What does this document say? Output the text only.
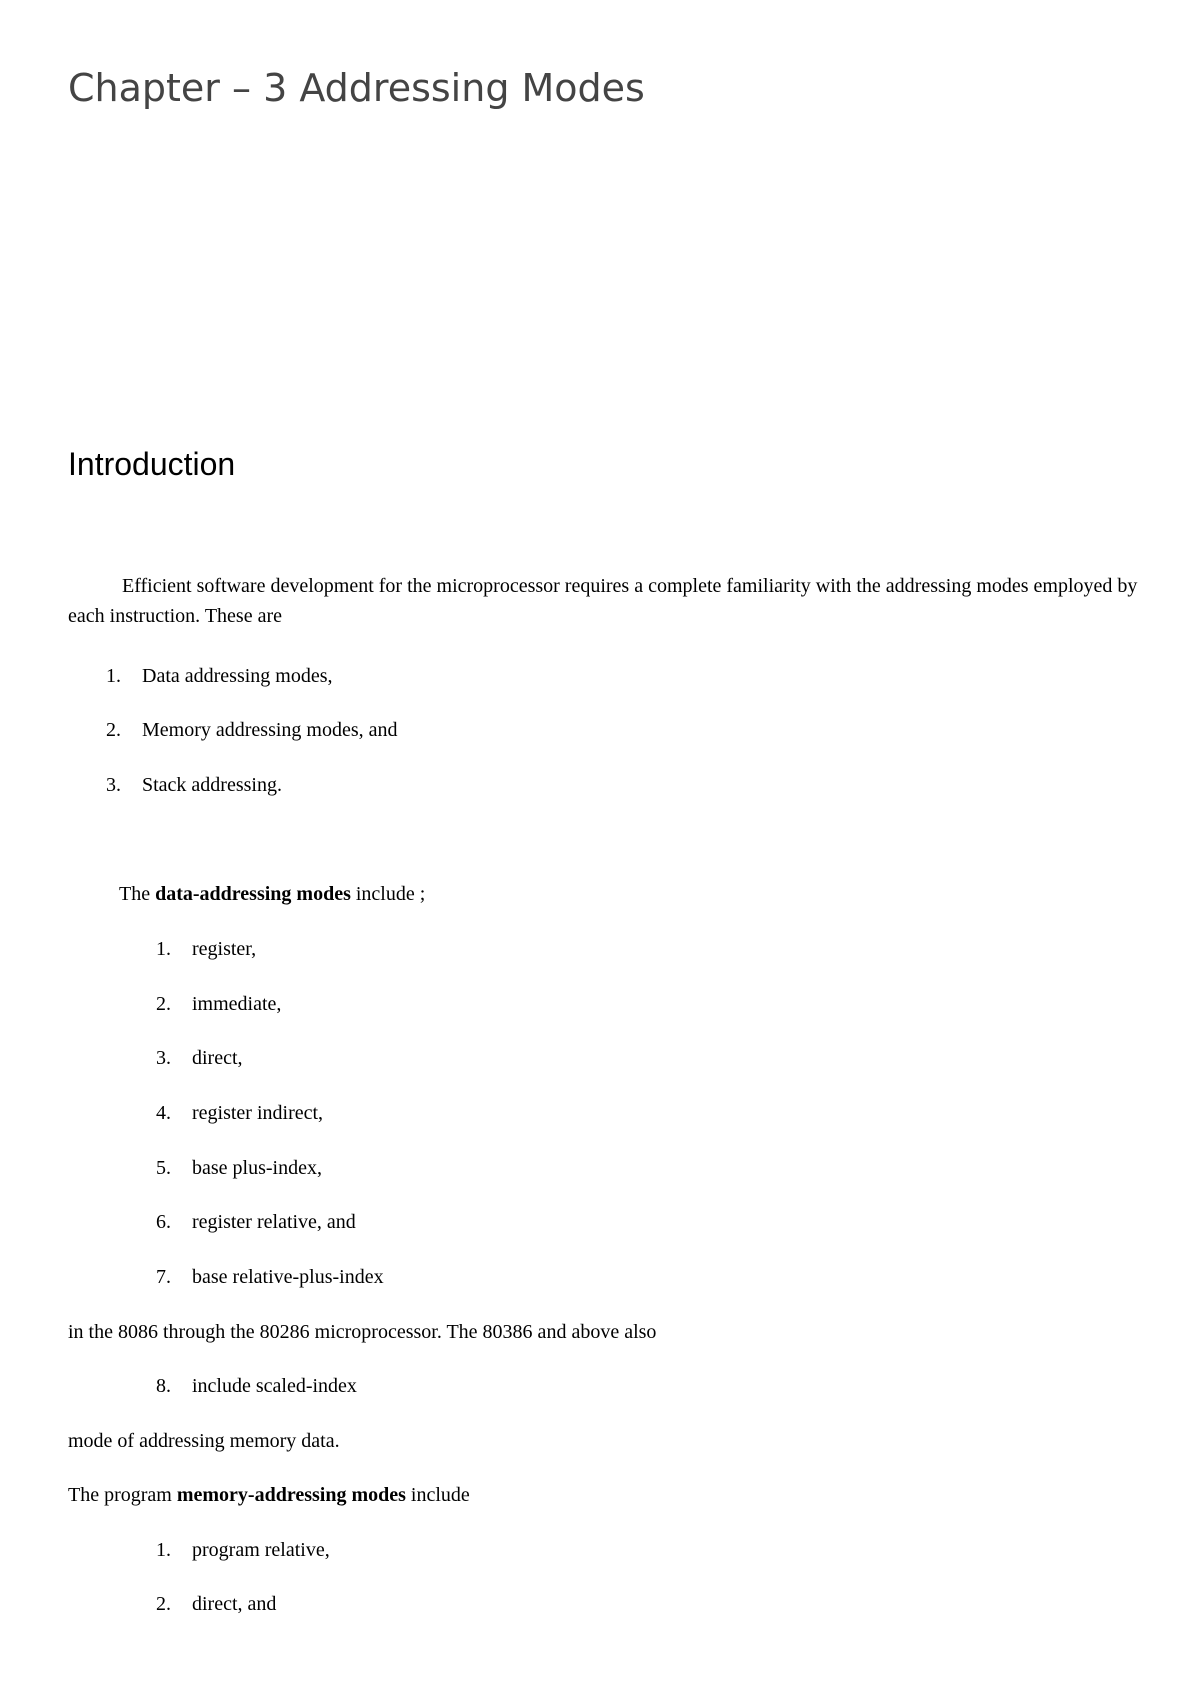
Chapter – 3 Addressing Modes
Introduction

Efficient software development for the microprocessor requires a complete familiarity with the addressing modes employed by each instruction. These are

1. Data addressing modes,
2. Memory addressing modes, and
3. Stack addressing.

The data-addressing modes include ;

1. register,
2. immediate,
3. direct,
4. register indirect,
5. base plus-index,
6. register relative, and
7. base relative-plus-index

in the 8086 through the 80286 microprocessor. The 80386 and above also

8. include scaled-index

mode of addressing memory data.

The program memory-addressing modes include

1. program relative,
2. direct, and
